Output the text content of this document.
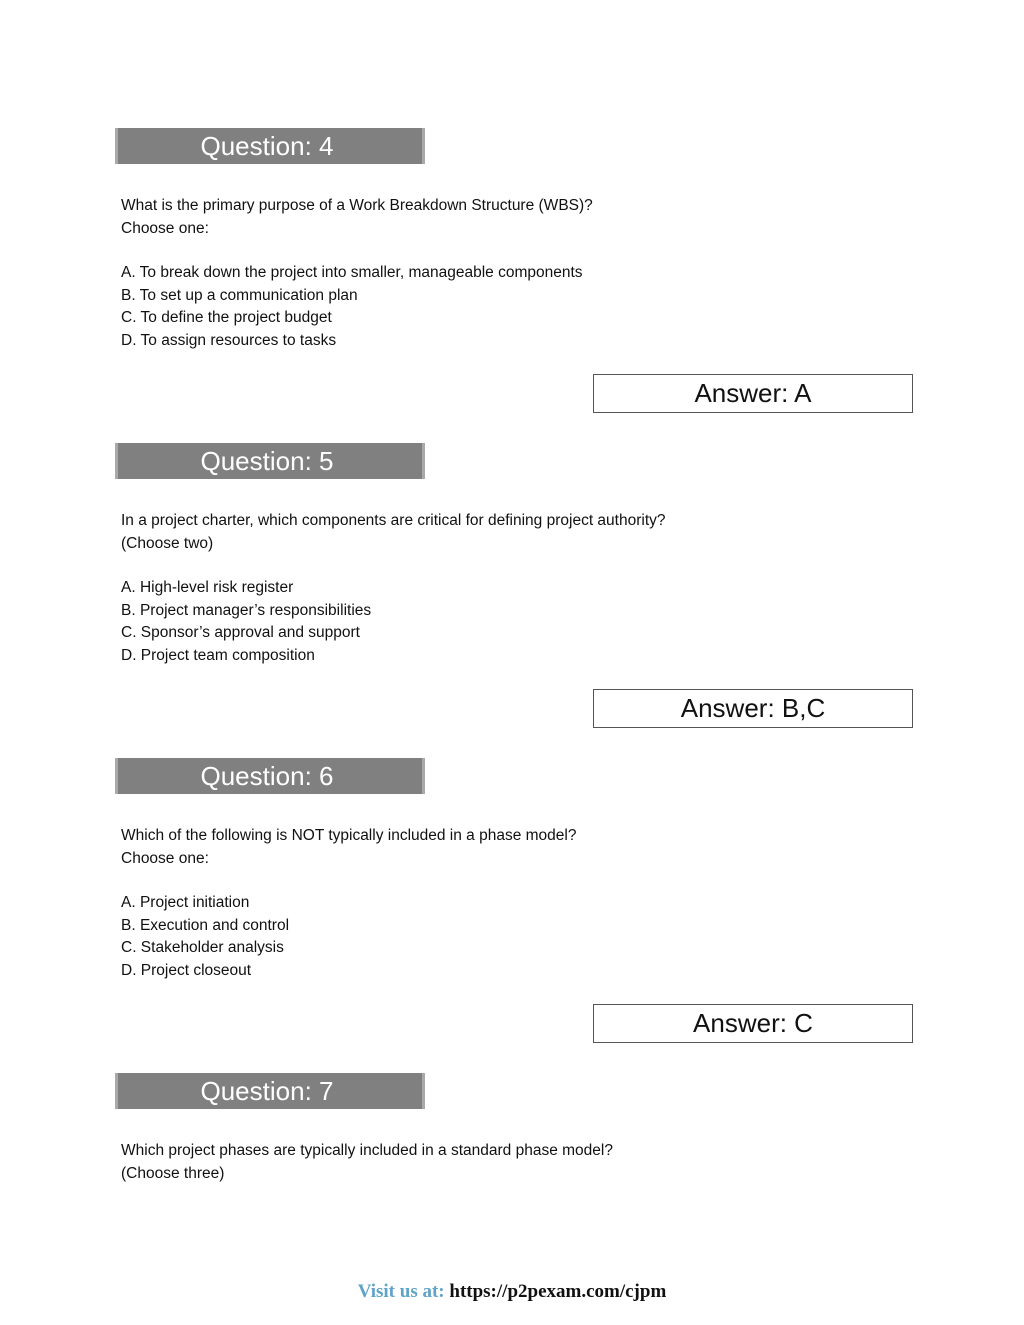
Question: 4
What is the primary purpose of a Work Breakdown Structure (WBS)?
Choose one:
A. To break down the project into smaller, manageable components
B. To set up a communication plan
C. To define the project budget
D. To assign resources to tasks
Answer: A
Question: 5
In a project charter, which components are critical for defining project authority?
(Choose two)
A. High-level risk register
B. Project manager’s responsibilities
C. Sponsor’s approval and support
D. Project team composition
Answer: B,C
Question: 6
Which of the following is NOT typically included in a phase model?
Choose one:
A. Project initiation
B. Execution and control
C. Stakeholder analysis
D. Project closeout
Answer: C
Question: 7
Which project phases are typically included in a standard phase model?
(Choose three)
Visit us at: https://p2pexam.com/cjpm
